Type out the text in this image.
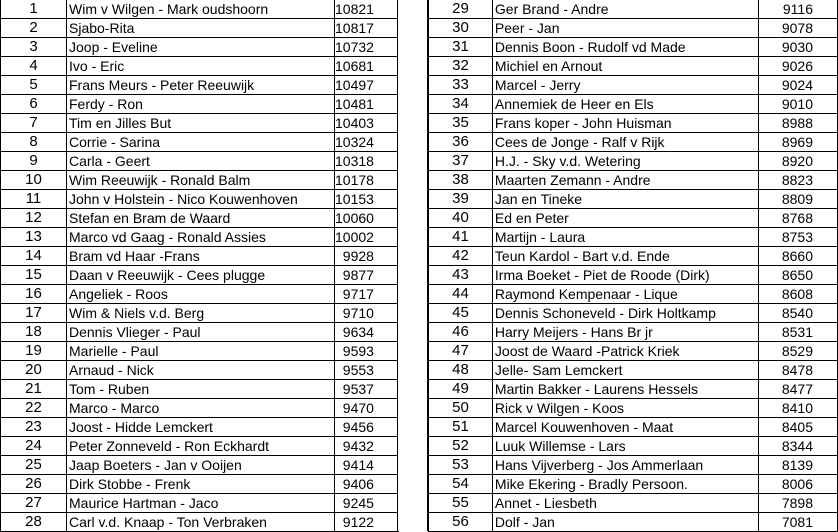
1	Wim v Wilgen - Mark oudshoorn	10821
2	Sjabo-Rita	10817
3	Joop - Eveline	10732
4	Ivo - Eric	10681
5	Frans Meurs - Peter Reeuwijk	10497
6	Ferdy - Ron	10481
7	Tim en Jilles But	10403
8	Corrie - Sarina	10324
9	Carla - Geert	10318
10	Wim Reeuwijk - Ronald Balm	10178
11	John v Holstein - Nico Kouwenhoven	10153
12	Stefan en Bram de Waard	10060
13	Marco vd Gaag - Ronald Assies	10002
14	Bram vd Haar -Frans	9928
15	Daan v Reeuwijk - Cees plugge	9877
16	Angeliek - Roos	9717
17	Wim & Niels v.d. Berg	9710
18	Dennis Vlieger - Paul	9634
19	Marielle - Paul	9593
20	Arnaud - Nick	9553
21	Tom - Ruben	9537
22	Marco - Marco	9470
23	Joost - Hidde Lemckert	9456
24	Peter Zonneveld - Ron Eckhardt	9432
25	Jaap Boeters - Jan v Ooijen	9414
26	Dirk Stobbe - Frenk	9406
27	Maurice Hartman - Jaco	9245
28	Carl v.d. Knaap - Ton Verbraken	9122
29	Ger Brand - Andre	9116
30	Peer - Jan	9078
31	Dennis Boon - Rudolf vd Made	9030
32	Michiel en Arnout	9026
33	Marcel - Jerry	9024
34	Annemiek de Heer en Els	9010
35	Frans koper - John Huisman	8988
36	Cees de Jonge - Ralf v Rijk	8969
37	H.J. - Sky v.d. Wetering	8920
38	Maarten Zemann - Andre	8823
39	Jan en Tineke	8809
40	Ed en Peter	8768
41	Martijn - Laura	8753
42	Teun Kardol - Bart v.d. Ende	8660
43	Irma Boeket - Piet de Roode (Dirk)	8650
44	Raymond Kempenaar - Lique	8608
45	Dennis Schoneveld - Dirk Holtkamp	8540
46	Harry Meijers - Hans Br jr	8531
47	Joost de Waard -Patrick Kriek	8529
48	Jelle- Sam Lemckert	8478
49	Martin Bakker - Laurens Hessels	8477
50	Rick v Wilgen - Koos	8410
51	Marcel Kouwenhoven - Maat	8405
52	Luuk Willemse - Lars	8344
53	Hans Vijverberg - Jos Ammerlaan	8139
54	Mike Ekering - Bradly Persoon.	8006
55	Annet - Liesbeth	7898
56	Dolf - Jan	7081
